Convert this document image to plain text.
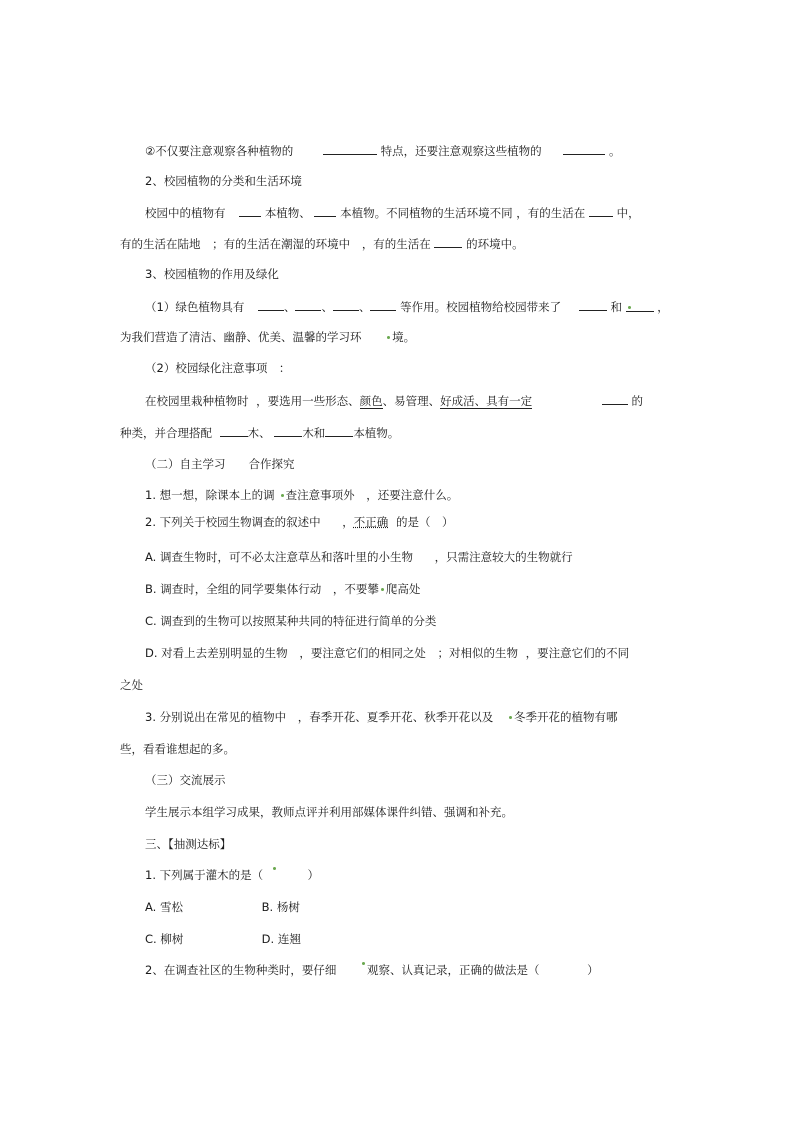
②不仅要注意观察各种植物的	特点，还要注意观察这些植物的	。
2、校园植物的分类和生活环境
校园中的植物有	本植物、	本植物。不同植物的生活环境不同 ，有的生活在	中，
有的生活在陆地 ；有的生活在潮湿的环境中 ，有的生活在	的环境中。
3、校园植物的作用及绿化
（1）绿色植物具有	、 、 、	等作用。校园植物给校园带来了	和	，
为我们营造了清洁、幽静、优美、温馨的学习环	境。
（2）校园绿化注意事项　：
在校园里栽种植物时 ，要选用一些形态、颜色、易管理、好成活、具有一定	的
种类，并合理搭配	木、	木和 本植物。
（二）自主学习　　合作探究
1. 想一想，除课本上的调 查注意事项外 ，还要注意什么。
2. 下列关于校园生物调查的叙述中 ，不正确 的是（　）
A. 调查生物时，可不必太注意草丛和落叶里的小生物 ，只需注意较大的生物就行
B. 调查时，全组的同学要集体行动 ，不要攀 爬高处
C. 调查到的生物可以按照某种共同的特征进行简单的分类
D. 对看上去差别明显的生物 ，要注意它们的相同之处 ；对相似的生物 ，要注意它们的不同
之处
3. 分别说出在常见的植物中 ，春季开花、夏季开花、秋季开花以及 冬季开花的植物有哪
些，看看谁想起的多。
（三）交流展示
学生展示本组学习成果，教师点评并利用部媒体课件纠错、强调和补充。
三、【抽测达标】
1. 下列属于灌木的是（	）
A. 雪松	B. 杨树
C. 柳树	D. 连翘
2、在调查社区的生物种类时，要仔细	观察、认真记录，正确的做法是（	）
